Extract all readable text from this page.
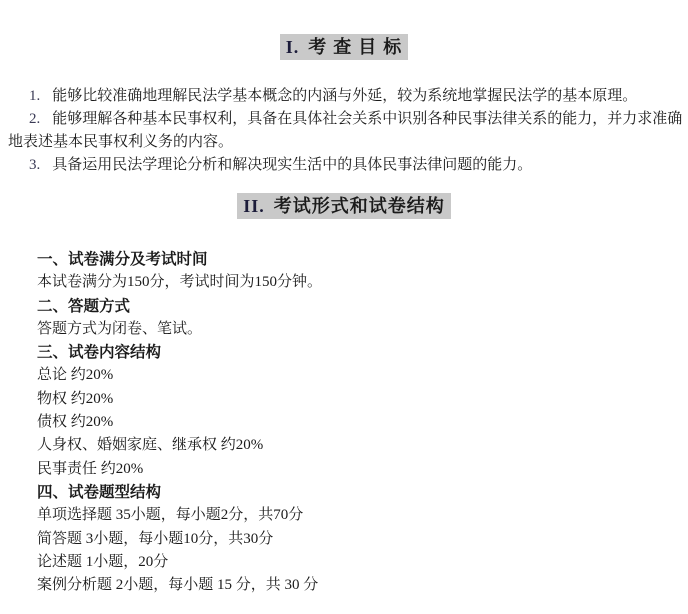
I. 考 查 目 标

1. 能够比较准确地理解民法学基本概念的内涵与外延，较为系统地掌握民法学的基本原理。

2. 能够理解各种基本民事权利，具备在具体社会关系中识别各种民事法律关系的能力，并力求准确地表述基本民事权利义务的内容。

3. 具备运用民法学理论分析和解决现实生活中的具体民事法律问题的能力。

II. 考试形式和试卷结构

一、试卷满分及考试时间

本试卷满分为150分，考试时间为150分钟。

二、答题方式

答题方式为闭卷、笔试。

三、试卷内容结构

总论 约20%

物权 约20%

债权 约20%

人身权、婚姻家庭、继承权 约20%

民事责任 约20%

四、试卷题型结构

单项选择题 35小题，每小题2分，共70分

简答题 3小题，每小题10分，共30分

论述题 1小题，20分

案例分析题 2小题，每小题 15 分，共 30 分
